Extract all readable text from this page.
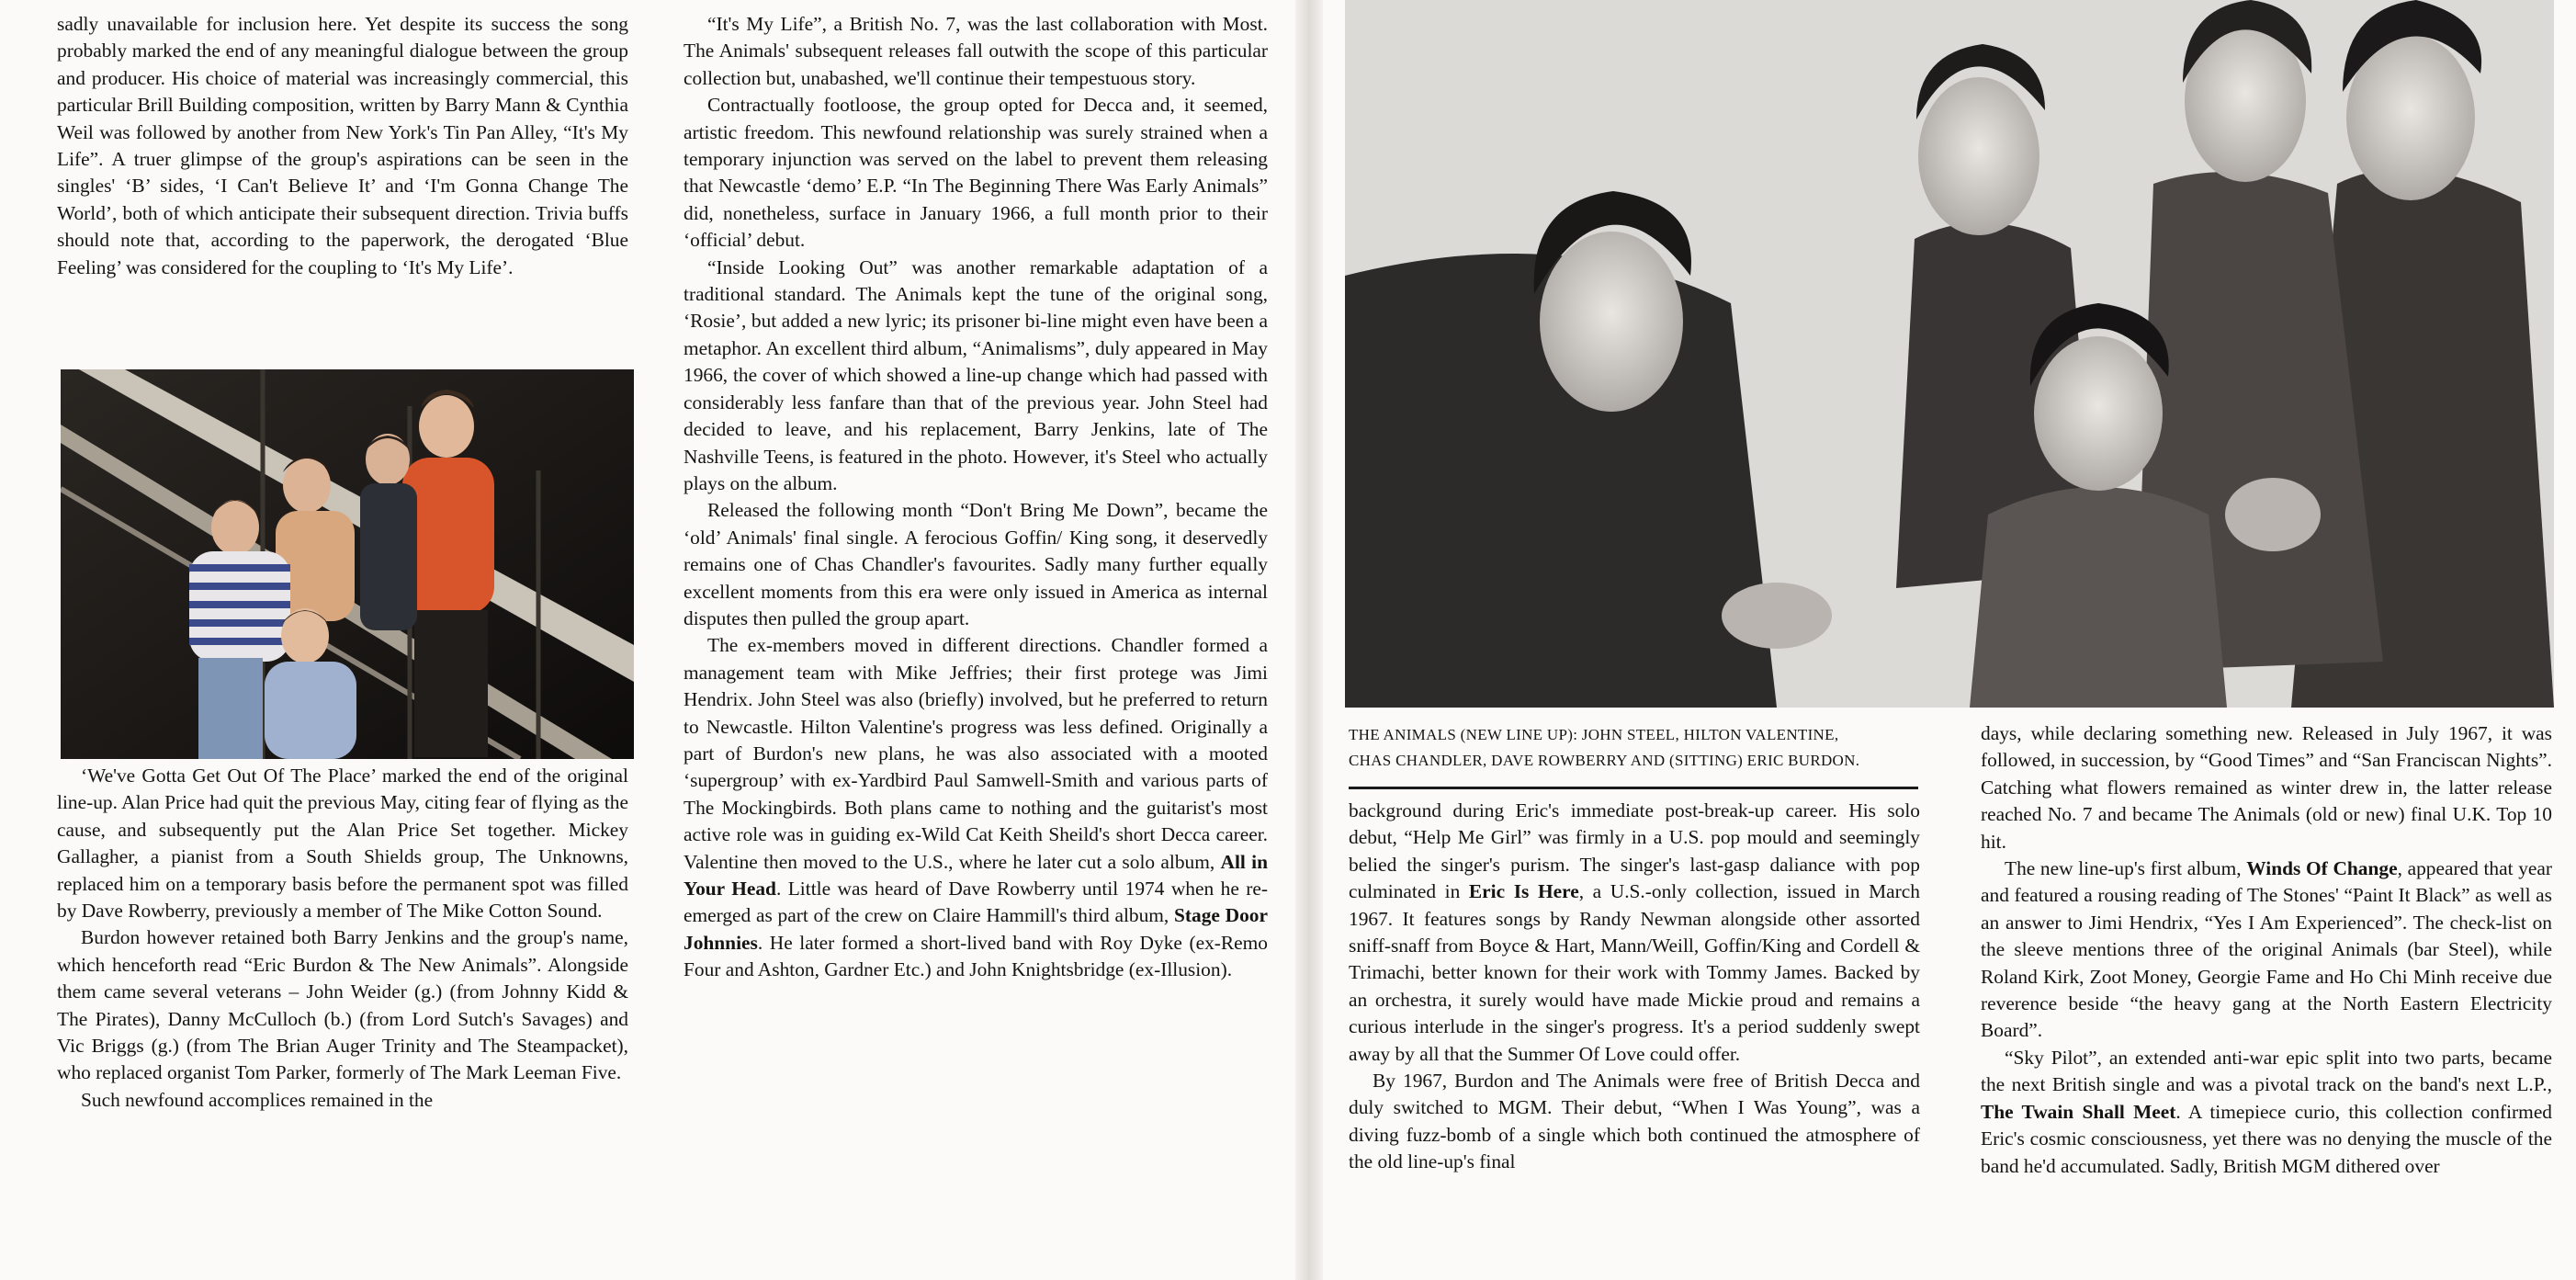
sadly unavailable for inclusion here. Yet despite its success the song probably marked the end of any meaningful dialogue between the group and producer. His choice of material was increasingly commercial, this particular Brill Building composition, written by Barry Mann & Cynthia Weil was followed by another from New York's Tin Pan Alley, “It's My Life”. A truer glimpse of the group's aspirations can be seen in the singles' ‘B’ sides, ‘I Can't Believe It’ and ‘I'm Gonna Change The World’, both of which anticipate their subsequent direction. Trivia buffs should note that, according to the paperwork, the derogated ‘Blue Feeling’ was considered for the coupling to ‘It's My Life’.

‘We've Gotta Get Out Of The Place’ marked the end of the original line-up. Alan Price had quit the previous May, citing fear of flying as the cause, and subsequently put the Alan Price Set together. Mickey Gallagher, a pianist from a South Shields group, The Unknowns, replaced him on a temporary basis before the permanent spot was filled by Dave Rowberry, previously a member of The Mike Cotton Sound.

Burdon however retained both Barry Jenkins and the group's name, which henceforth read “Eric Burdon & The New Animals”. Alongside them came several veterans – John Weider (g.) (from Johnny Kidd & The Pirates), Danny McCulloch (b.) (from Lord Sutch's Savages) and Vic Briggs (g.) (from The Brian Auger Trinity and The Steampacket), who replaced organist Tom Parker, formerly of The Mark Leeman Five.

Such newfound accomplices remained in the

“It's My Life”, a British No. 7, was the last collaboration with Most. The Animals' subsequent releases fall outwith the scope of this particular collection but, unabashed, we'll continue their tempestuous story.

Contractually footloose, the group opted for Decca and, it seemed, artistic freedom. This newfound relationship was surely strained when a temporary injunction was served on the label to prevent them releasing that Newcastle ‘demo’ E.P. “In The Beginning There Was Early Animals” did, nonetheless, surface in January 1966, a full month prior to their ‘official’ debut.

“Inside Looking Out” was another remarkable adaptation of a traditional standard. The Animals kept the tune of the original song, ‘Rosie’, but added a new lyric; its prisoner bi-line might even have been a metaphor. An excellent third album, “Animalisms”, duly appeared in May 1966, the cover of which showed a line-up change which had passed with considerably less fanfare than that of the previous year. John Steel had decided to leave, and his replacement, Barry Jenkins, late of The Nashville Teens, is featured in the photo. However, it's Steel who actually plays on the album.

Released the following month “Don't Bring Me Down”, became the ‘old’ Animals' final single. A ferocious Goffin/ King song, it deservedly remains one of Chas Chandler's favourites. Sadly many further equally excellent moments from this era were only issued in America as internal disputes then pulled the group apart.

The ex-members moved in different directions. Chandler formed a management team with Mike Jeffries; their first protege was Jimi Hendrix. John Steel was also (briefly) involved, but he preferred to return to Newcastle. Hilton Valentine's progress was less defined. Originally a part of Burdon's new plans, he was also associated with a mooted ‘supergroup’ with ex-Yardbird Paul Samwell-Smith and various parts of The Mockingbirds. Both plans came to nothing and the guitarist's most active role was in guiding ex-Wild Cat Keith Sheild's short Decca career. Valentine then moved to the U.S., where he later cut a solo album, All in Your Head. Little was heard of Dave Rowberry until 1974 when he re-emerged as part of the crew on Claire Hammill's third album, Stage Door Johnnies. He later formed a short-lived band with Roy Dyke (ex-Remo Four and Ashton, Gardner Etc.) and John Knightsbridge (ex-Illusion).

THE ANIMALS (NEW LINE UP): JOHN STEEL, HILTON VALENTINE,
CHAS CHANDLER, DAVE ROWBERRY AND (SITTING) ERIC BURDON.

background during Eric's immediate post-break-up career. His solo debut, “Help Me Girl” was firmly in a U.S. pop mould and seemingly belied the singer's purism. The singer's last-gasp daliance with pop culminated in Eric Is Here, a U.S.-only collection, issued in March 1967. It features songs by Randy Newman alongside other assorted sniff-snaff from Boyce & Hart, Mann/Weill, Goffin/King and Cordell & Trimachi, better known for their work with Tommy James. Backed by an orchestra, it surely would have made Mickie proud and remains a curious interlude in the singer's progress. It's a period suddenly swept away by all that the Summer Of Love could offer.

By 1967, Burdon and The Animals were free of British Decca and duly switched to MGM. Their debut, “When I Was Young”, was a diving fuzz-bomb of a single which both continued the atmosphere of the old line-up's final

days, while declaring something new. Released in July 1967, it was followed, in succession, by “Good Times” and “San Franciscan Nights”. Catching what flowers remained as winter drew in, the latter release reached No. 7 and became The Animals (old or new) final U.K. Top 10 hit.

The new line-up's first album, Winds Of Change, appeared that year and featured a rousing reading of The Stones' “Paint It Black” as well as an answer to Jimi Hendrix, “Yes I Am Experienced”. The check-list on the sleeve mentions three of the original Animals (bar Steel), while Roland Kirk, Zoot Money, Georgie Fame and Ho Chi Minh receive due reverence beside “the heavy gang at the North Eastern Electricity Board”.

“Sky Pilot”, an extended anti-war epic split into two parts, became the next British single and was a pivotal track on the band's next L.P., The Twain Shall Meet. A timepiece curio, this collection confirmed Eric's cosmic consciousness, yet there was no denying the muscle of the band he'd accumulated. Sadly, British MGM dithered over
